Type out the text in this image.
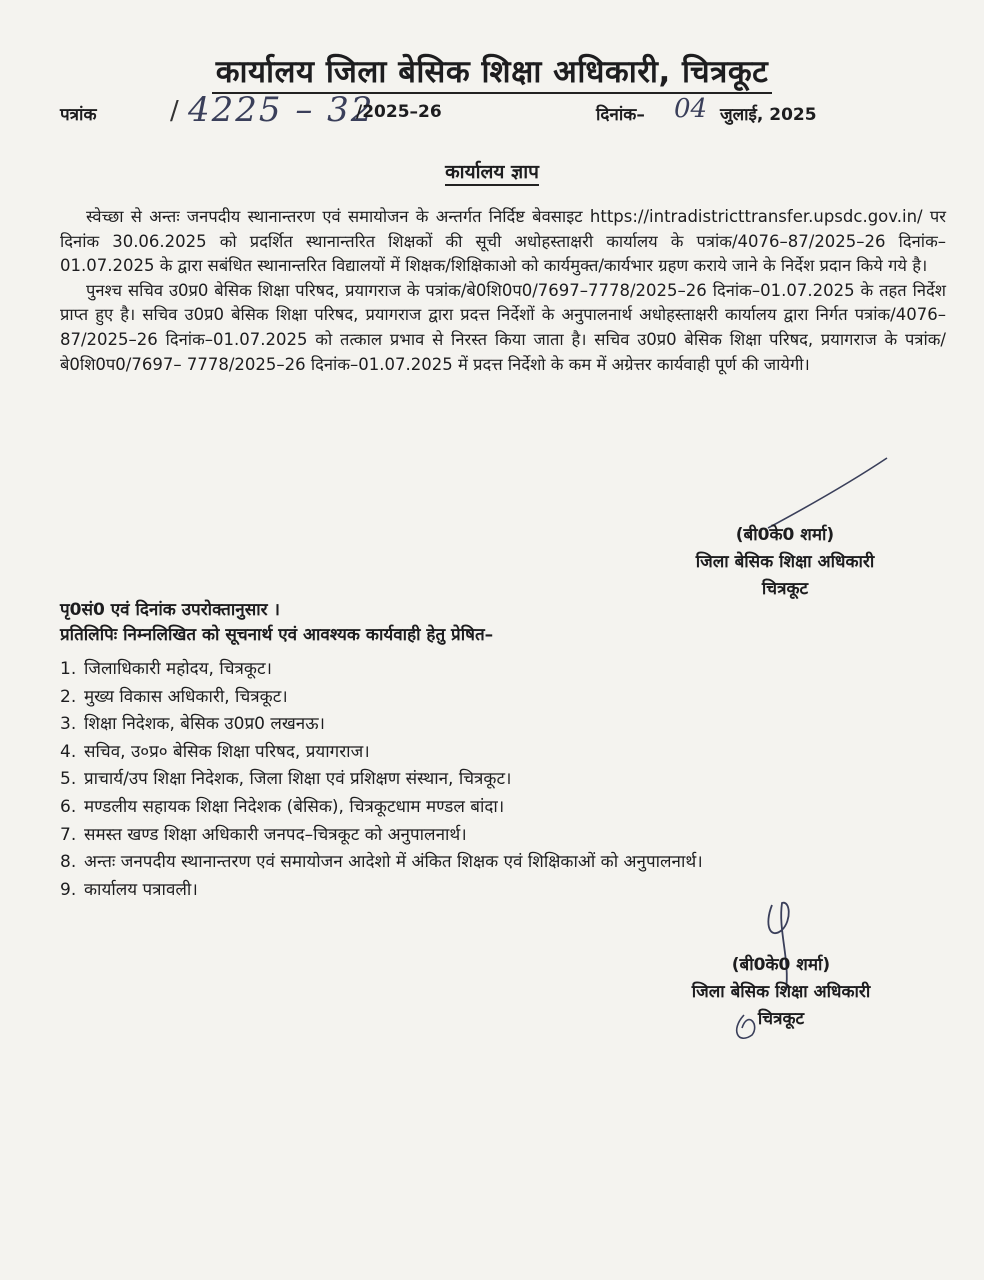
कार्यालय जिला बेसिक शिक्षा अधिकारी, चित्रकूट
पत्रांक	/ 4225 – 32
/2025–26	दिनांक– 04 जुलाई, 2025
कार्यालय ज्ञाप

स्वेच्छा से अन्तः जनपदीय स्थानान्तरण एवं समायोजन के अन्तर्गत निर्दिष्ट बेवसाइट https://intradistricttransfer.upsdc.gov.in/ पर दिनांक 30.06.2025 को प्रदर्शित स्थानान्तरित शिक्षकों की सूची अधोहस्ताक्षरी कार्यालय के पत्रांक/4076–87/2025–26 दिनांक–01.07.2025 के द्वारा सबंधित स्थानान्तरित विद्यालयों में शिक्षक/शिक्षिकाओ को कार्यमुक्त/कार्यभार ग्रहण कराये जाने के निर्देश प्रदान किये गये है।

पुनश्च सचिव उ0प्र0 बेसिक शिक्षा परिषद, प्रयागराज के पत्रांक/बे0शि0प0/7697–7778/2025–26 दिनांक–01.07.2025 के तहत निर्देश प्राप्त हुए है। सचिव उ0प्र0 बेसिक शिक्षा परिषद, प्रयागराज द्वारा प्रदत्त निर्देशों के अनुपालनार्थ अधोहस्ताक्षरी कार्यालय द्वारा निर्गत पत्रांक/4076–87/2025–26 दिनांक–01.07.2025 को तत्काल प्रभाव से निरस्त किया जाता है। सचिव उ0प्र0 बेसिक शिक्षा परिषद, प्रयागराज के पत्रांक/बे0शि0प0/7697– 7778/2025–26 दिनांक–01.07.2025 में प्रदत्त निर्देशो के कम में अग्रेत्तर कार्यवाही पूर्ण की जायेगी।

(बी0के0 शर्मा)
जिला बेसिक शिक्षा अधिकारी
चित्रकूट
पृ0सं0 एवं दिनांक उपरोक्तानुसार ।
प्रतिलिपिः निम्नलिखित को सूचनार्थ एवं आवश्यक कार्यवाही हेतु प्रेषित–
1. जिलाधिकारी महोदय, चित्रकूट।
2. मुख्य विकास अधिकारी, चित्रकूट।
3. शिक्षा निदेशक, बेसिक उ0प्र0 लखनऊ।
4. सचिव, उ०प्र० बेसिक शिक्षा परिषद, प्रयागराज।
5. प्राचार्य/उप शिक्षा निदेशक, जिला शिक्षा एवं प्रशिक्षण संस्थान, चित्रकूट।
6. मण्डलीय सहायक शिक्षा निदेशक (बेसिक), चित्रकूटधाम मण्डल बांदा।
7. समस्त खण्ड शिक्षा अधिकारी जनपद–चित्रकूट को अनुपालनार्थ।
8. अन्तः जनपदीय स्थानान्तरण एवं समायोजन आदेशो में अंकित शिक्षक एवं शिक्षिकाओं को अनुपालनार्थ।
9. कार्यालय पत्रावली।
(बी0के0 शर्मा)
जिला बेसिक शिक्षा अधिकारी
चित्रकूट
